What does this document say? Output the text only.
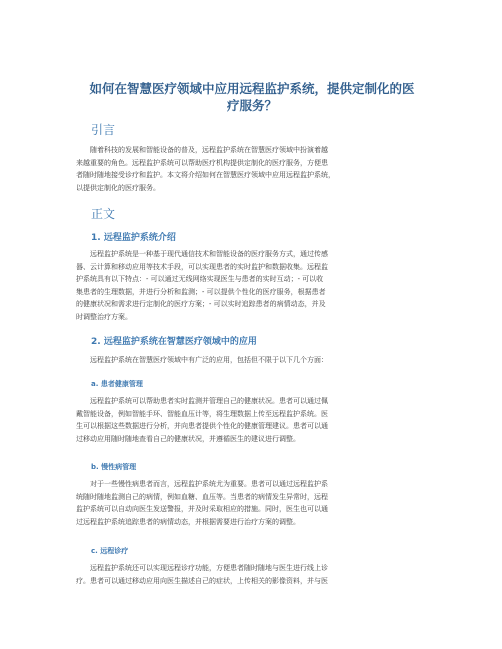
如何在智慧医疗领域中应用远程监护系统，提供定制化的医
疗服务？
引言

　　随着科技的发展和智能设备的普及，远程监护系统在智慧医疗领域中扮演着越
来越重要的角色。远程监护系统可以帮助医疗机构提供定制化的医疗服务，方便患
者随时随地接受诊疗和监护。本文将介绍如何在智慧医疗领域中应用远程监护系统，
以提供定制化的医疗服务。

正文
1. 远程监护系统介绍

　　远程监护系统是一种基于现代通信技术和智能设备的医疗服务方式，通过传感
器、云计算和移动应用等技术手段，可以实现患者的实时监护和数据收集。远程监
护系统具有以下特点：- 可以通过无线网络实现医生与患者的实时互动；- 可以收
集患者的生理数据，并进行分析和监测；- 可以提供个性化的医疗服务，根据患者
的健康状况和需求进行定制化的医疗方案；- 可以实时追踪患者的病情动态，并及
时调整治疗方案。

2. 远程监护系统在智慧医疗领域中的应用

　　远程监护系统在智慧医疗领域中有广泛的应用，包括但不限于以下几个方面：

a. 患者健康管理

　　远程监护系统可以帮助患者实时监测并管理自己的健康状况。患者可以通过佩
戴智能设备，例如智能手环、智能血压计等，将生理数据上传至远程监护系统。医
生可以根据这些数据进行分析，并向患者提供个性化的健康管理建议。患者可以通
过移动应用随时随地查看自己的健康状况，并遵循医生的建议进行调整。

b. 慢性病管理

　　对于一些慢性病患者而言，远程监护系统尤为重要。患者可以通过远程监护系
统随时随地监测自己的病情，例如血糖、血压等。当患者的病情发生异常时，远程
监护系统可以自动向医生发送警报，并及时采取相应的措施。同时，医生也可以通
过远程监护系统追踪患者的病情动态，并根据需要进行治疗方案的调整。

c. 远程诊疗

　　远程监护系统还可以实现远程诊疗功能，方便患者随时随地与医生进行线上诊
疗。患者可以通过移动应用向医生描述自己的症状，上传相关的影像资料，并与医
